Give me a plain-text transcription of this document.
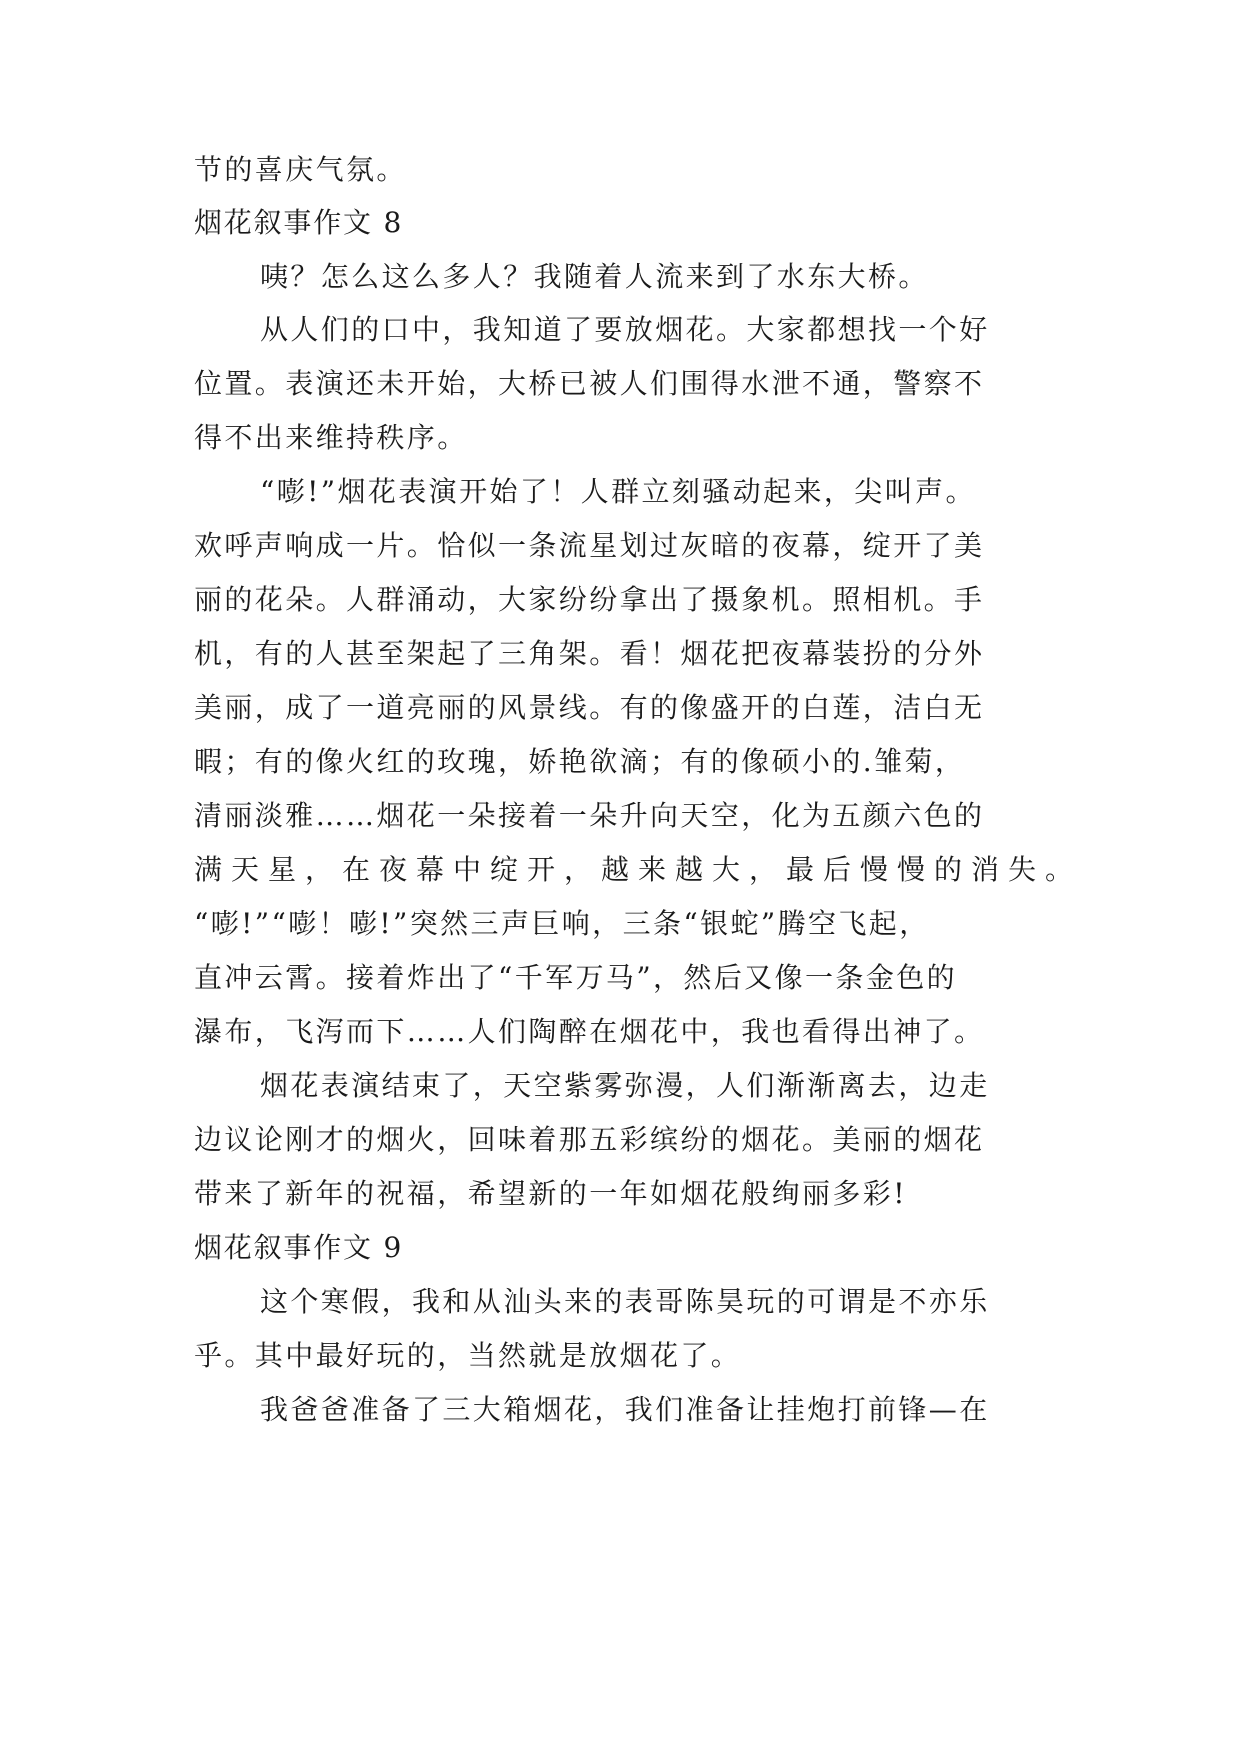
节的喜庆气氛。
烟花叙事作文 8
咦？怎么这么多人？我随着人流来到了水东大桥。
从人们的口中，我知道了要放烟花。大家都想找一个好
位置。表演还未开始，大桥已被人们围得水泄不通，警察不
得不出来维持秩序。
“嘭!”烟花表演开始了！人群立刻骚动起来，尖叫声。
欢呼声响成一片。恰似一条流星划过灰暗的夜幕，绽开了美
丽的花朵。人群涌动，大家纷纷拿出了摄象机。照相机。手
机，有的人甚至架起了三角架。看！烟花把夜幕装扮的分外
美丽，成了一道亮丽的风景线。有的像盛开的白莲，洁白无
暇；有的像火红的玫瑰，娇艳欲滴；有的像硕小的.雏菊，
清丽淡雅……烟花一朵接着一朵升向天空，化为五颜六色的
满天星，在夜幕中绽开，越来越大，最后慢慢的消失。
“嘭!”“嘭！嘭!”突然三声巨响，三条“银蛇”腾空飞起，
直冲云霄。接着炸出了“千军万马”，然后又像一条金色的
瀑布，飞泻而下……人们陶醉在烟花中，我也看得出神了。
烟花表演结束了，天空紫雾弥漫，人们渐渐离去，边走
边议论刚才的烟火，回味着那五彩缤纷的烟花。美丽的烟花
带来了新年的祝福，希望新的一年如烟花般绚丽多彩!
烟花叙事作文 9
这个寒假，我和从汕头来的表哥陈昊玩的可谓是不亦乐
乎。其中最好玩的，当然就是放烟花了。
我爸爸准备了三大箱烟花，我们准备让挂炮打前锋—在
